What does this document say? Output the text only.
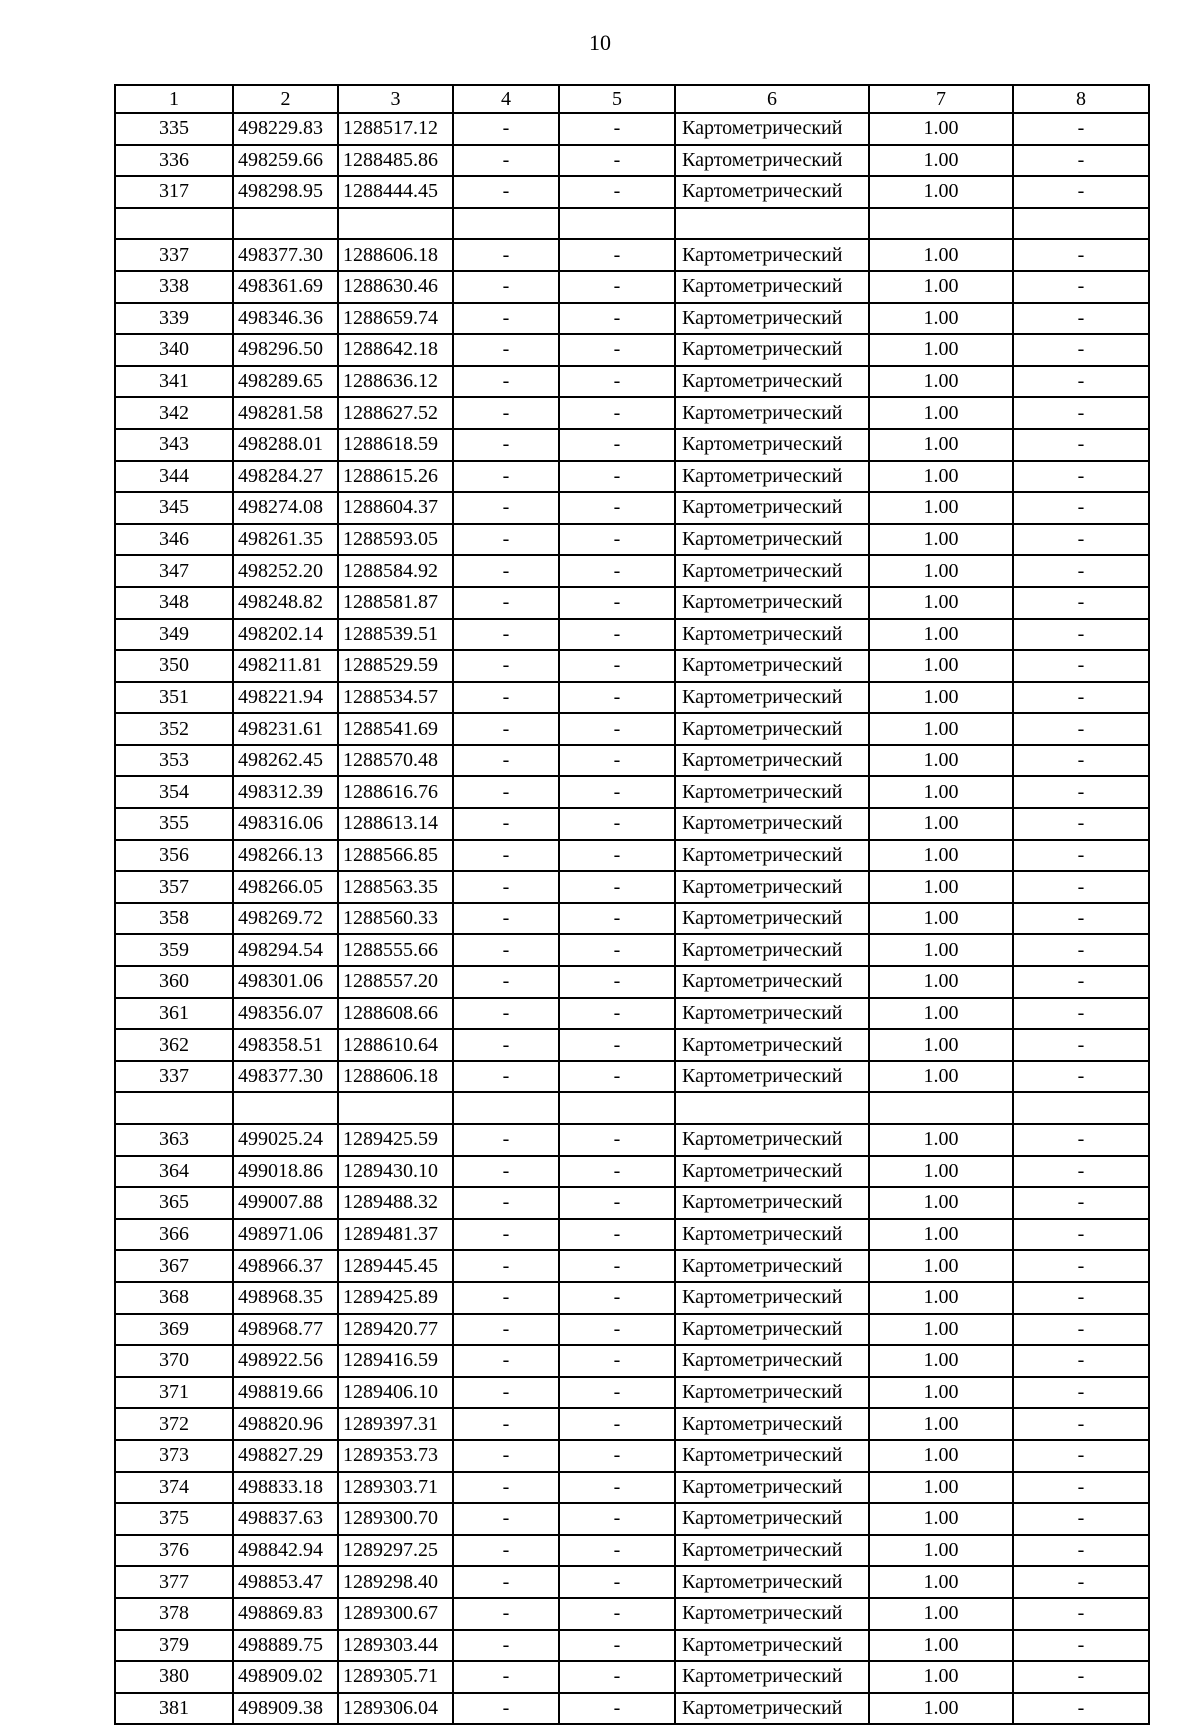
10
1	2	3	4	5	6	7	8
335	498229.83	1288517.12	-	-	Картометрический	1.00	-
336	498259.66	1288485.86	-	-	Картометрический	1.00	-
317	498298.95	1288444.45	-	-	Картометрический	1.00	-

337	498377.30	1288606.18	-	-	Картометрический	1.00	-
338	498361.69	1288630.46	-	-	Картометрический	1.00	-
339	498346.36	1288659.74	-	-	Картометрический	1.00	-
340	498296.50	1288642.18	-	-	Картометрический	1.00	-
341	498289.65	1288636.12	-	-	Картометрический	1.00	-
342	498281.58	1288627.52	-	-	Картометрический	1.00	-
343	498288.01	1288618.59	-	-	Картометрический	1.00	-
344	498284.27	1288615.26	-	-	Картометрический	1.00	-
345	498274.08	1288604.37	-	-	Картометрический	1.00	-
346	498261.35	1288593.05	-	-	Картометрический	1.00	-
347	498252.20	1288584.92	-	-	Картометрический	1.00	-
348	498248.82	1288581.87	-	-	Картометрический	1.00	-
349	498202.14	1288539.51	-	-	Картометрический	1.00	-
350	498211.81	1288529.59	-	-	Картометрический	1.00	-
351	498221.94	1288534.57	-	-	Картометрический	1.00	-
352	498231.61	1288541.69	-	-	Картометрический	1.00	-
353	498262.45	1288570.48	-	-	Картометрический	1.00	-
354	498312.39	1288616.76	-	-	Картометрический	1.00	-
355	498316.06	1288613.14	-	-	Картометрический	1.00	-
356	498266.13	1288566.85	-	-	Картометрический	1.00	-
357	498266.05	1288563.35	-	-	Картометрический	1.00	-
358	498269.72	1288560.33	-	-	Картометрический	1.00	-
359	498294.54	1288555.66	-	-	Картометрический	1.00	-
360	498301.06	1288557.20	-	-	Картометрический	1.00	-
361	498356.07	1288608.66	-	-	Картометрический	1.00	-
362	498358.51	1288610.64	-	-	Картометрический	1.00	-
337	498377.30	1288606.18	-	-	Картометрический	1.00	-

363	499025.24	1289425.59	-	-	Картометрический	1.00	-
364	499018.86	1289430.10	-	-	Картометрический	1.00	-
365	499007.88	1289488.32	-	-	Картометрический	1.00	-
366	498971.06	1289481.37	-	-	Картометрический	1.00	-
367	498966.37	1289445.45	-	-	Картометрический	1.00	-
368	498968.35	1289425.89	-	-	Картометрический	1.00	-
369	498968.77	1289420.77	-	-	Картометрический	1.00	-
370	498922.56	1289416.59	-	-	Картометрический	1.00	-
371	498819.66	1289406.10	-	-	Картометрический	1.00	-
372	498820.96	1289397.31	-	-	Картометрический	1.00	-
373	498827.29	1289353.73	-	-	Картометрический	1.00	-
374	498833.18	1289303.71	-	-	Картометрический	1.00	-
375	498837.63	1289300.70	-	-	Картометрический	1.00	-
376	498842.94	1289297.25	-	-	Картометрический	1.00	-
377	498853.47	1289298.40	-	-	Картометрический	1.00	-
378	498869.83	1289300.67	-	-	Картометрический	1.00	-
379	498889.75	1289303.44	-	-	Картометрический	1.00	-
380	498909.02	1289305.71	-	-	Картометрический	1.00	-
381	498909.38	1289306.04	-	-	Картометрический	1.00	-
